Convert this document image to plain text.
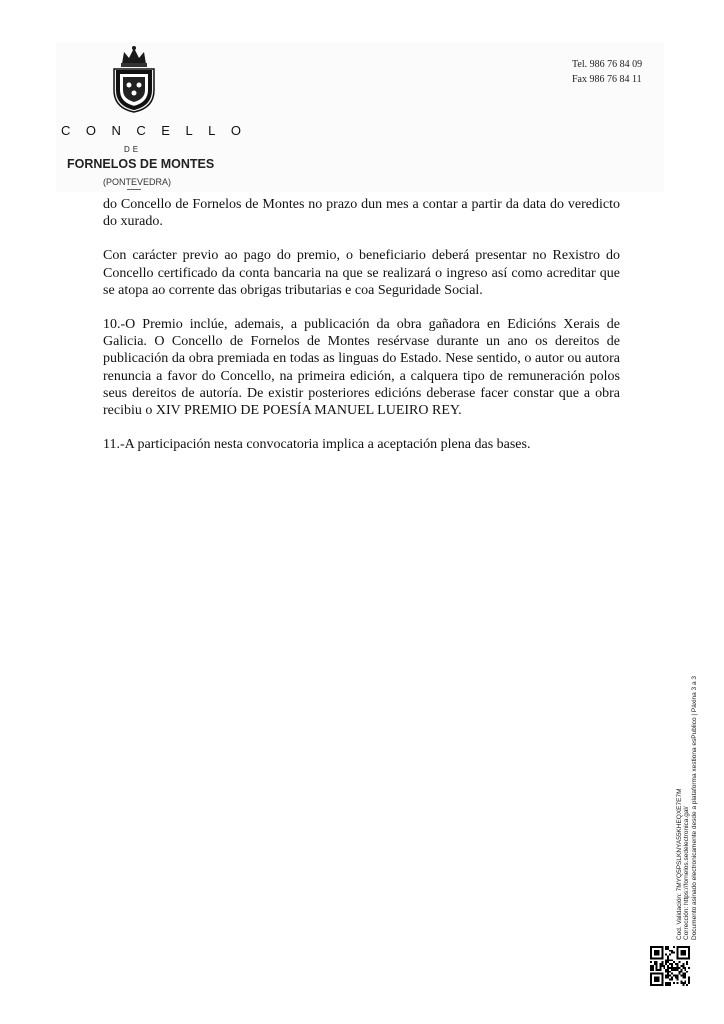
CONCELLO
DE
FORNELOS DE MONTES
(PONTEVEDRA)
Tel. 986 76 84 09
Fax 986 76 84 11

do Concello de Fornelos de Montes no prazo dun mes a contar a partir da data do veredicto do xurado.

Con carácter previo ao pago do premio, o beneficiario deberá presentar no Rexistro do Concello certificado da conta bancaria na que se realizará o ingreso así como acreditar que se atopa ao corrente das obrigas tributarias e coa Seguridade Social.

10.-O Premio inclúe, ademais, a publicación da obra gañadora en Edicións Xerais de Galicia. O Concello de Fornelos de Montes resérvase durante un ano os dereitos de publicación da obra premiada en todas as linguas do Estado. Nese sentido, o autor ou autora renuncia a favor do Concello, na primeira edición, a calquera tipo de remuneración polos seus dereitos de autoría. De existir posteriores edicións deberase facer constar que a obra recibiu o XIV PREMIO DE POESÍA MANUEL LUEIRO REY.

11.-A participación nesta convocatoria implica a aceptación plena das bases.

Cod. Validación: 7MYQ5PSLKNYA55KHEQXE7E7M Corrección: https://fornelos.sedelectronica.gal/ Documento asinado electronicamente desde a plataforma xestiona esPublico | Páxina 3 a 3
